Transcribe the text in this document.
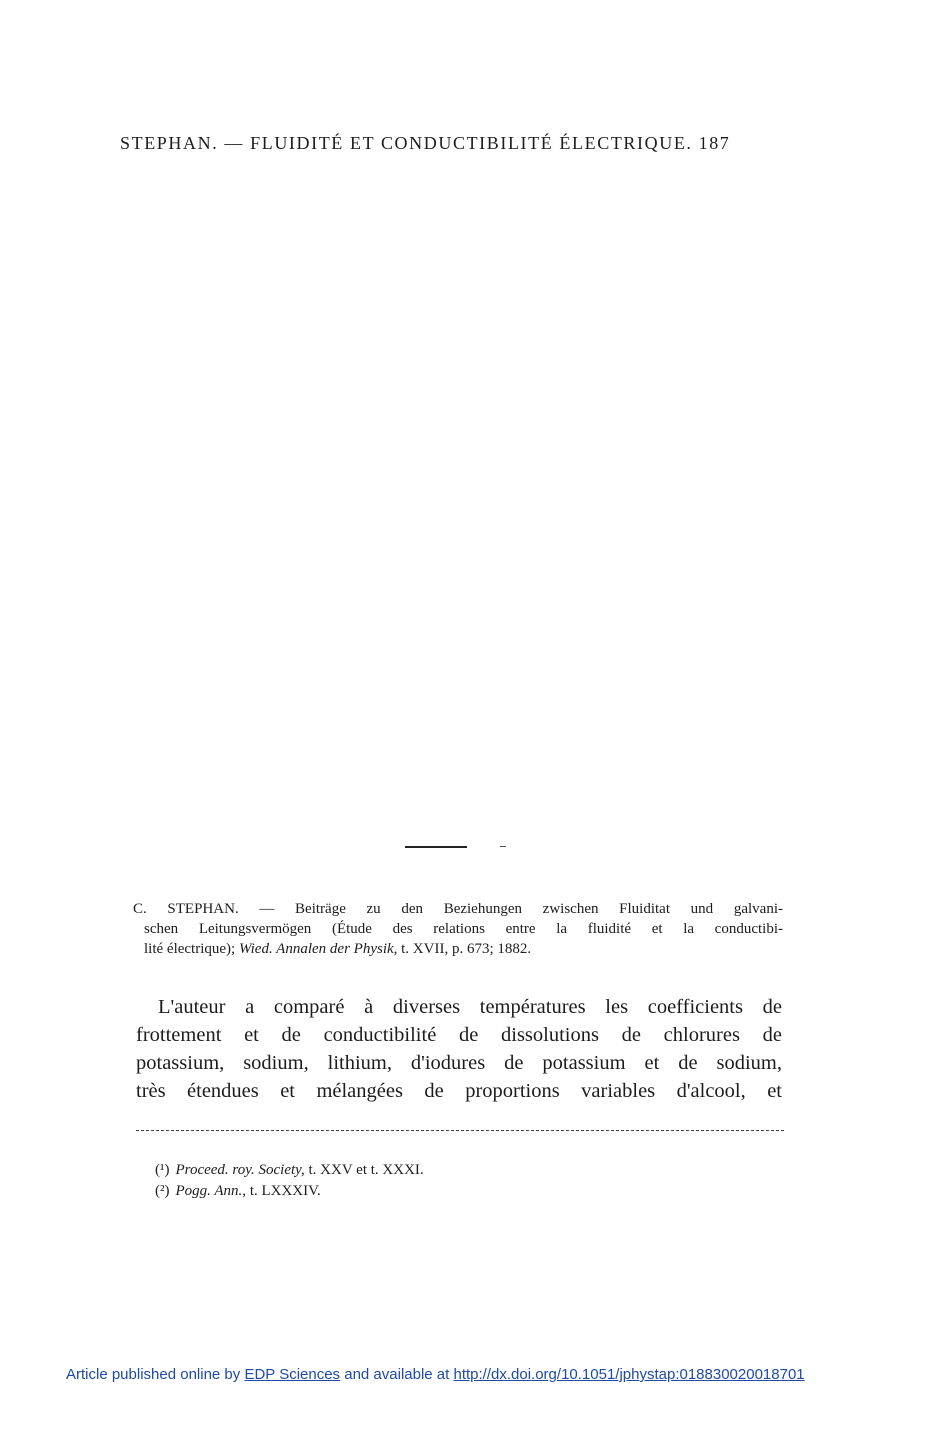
STEPHAN. — FLUIDITÉ ET CONDUCTIBILITÉ ÉLECTRIQUE. 187
C. STEPHAN. — Beiträge zu den Beziehungen zwischen Fluiditat und galvani-
schen Leitungsvermögen (Étude des relations entre la fluidité et la conductibi-
lité électrique); Wied. Annalen der Physik, t. XVII, p. 673; 1882.
L'auteur a comparé à diverses températures les coefficients de
frottement et de conductibilité de dissolutions de chlorures de
potassium, sodium, lithium, d'iodures de potassium et de sodium,
très étendues et mélangées de proportions variables d'alcool, et
(¹) Proceed. roy. Society, t. XXV et t. XXXI.
(²) Pogg. Ann., t. LXXXIV.
Article published online by EDP Sciences and available at http://dx.doi.org/10.1051/jphystap:018830020018701
